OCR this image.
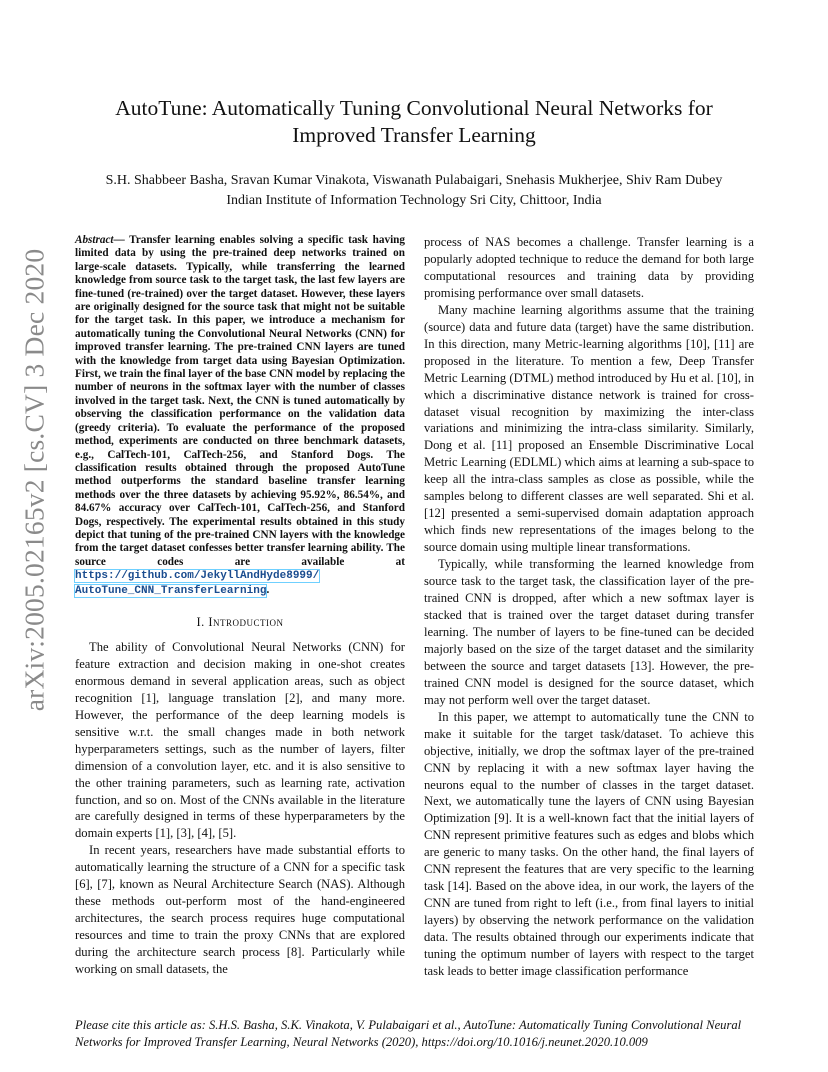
arXiv:2005.02165v2 [cs.CV] 3 Dec 2020
AutoTune: Automatically Tuning Convolutional Neural Networks for
Improved Transfer Learning
S.H. Shabbeer Basha, Sravan Kumar Vinakota, Viswanath Pulabaigari, Snehasis Mukherjee, Shiv Ram Dubey
Indian Institute of Information Technology Sri City, Chittoor, India

Abstract— Transfer learning enables solving a specific task having limited data by using the pre-trained deep networks trained on large-scale datasets. Typically, while transferring the learned knowledge from source task to the target task, the last few layers are fine-tuned (re-trained) over the target dataset. However, these layers are originally designed for the source task that might not be suitable for the target task. In this paper, we introduce a mechanism for automatically tuning the Convolutional Neural Networks (CNN) for improved transfer learning. The pre-trained CNN layers are tuned with the knowledge from target data using Bayesian Optimization. First, we train the final layer of the base CNN model by replacing the number of neurons in the softmax layer with the number of classes involved in the target task. Next, the CNN is tuned automatically by observing the classification performance on the validation data (greedy criteria). To evaluate the performance of the proposed method, experiments are conducted on three benchmark datasets, e.g., CalTech-101, CalTech-256, and Stanford Dogs. The classification results obtained through the proposed AutoTune method outperforms the standard baseline transfer learning methods over the three datasets by achieving 95.92%, 86.54%, and 84.67% accuracy over CalTech-101, CalTech-256, and Stanford Dogs, respectively. The experimental results obtained in this study depict that tuning of the pre-trained CNN layers with the knowledge from the target dataset confesses better transfer learning ability. The source codes are available at https://github.com/JekyllAndHyde8999/ AutoTune_CNN_TransferLearning.

I. Introduction

The ability of Convolutional Neural Networks (CNN) for feature extraction and decision making in one-shot creates enormous demand in several application areas, such as object recognition [1], language translation [2], and many more. However, the performance of the deep learning models is sensitive w.r.t. the small changes made in both network hyperparameters settings, such as the number of layers, filter dimension of a convolution layer, etc. and it is also sensitive to the other training parameters, such as learning rate, activation function, and so on. Most of the CNNs available in the literature are carefully designed in terms of these hyperparameters by the domain experts [1], [3], [4], [5].

In recent years, researchers have made substantial efforts to automatically learning the structure of a CNN for a specific task [6], [7], known as Neural Architecture Search (NAS). Although these methods out-perform most of the hand-engineered architectures, the search process requires huge computational resources and time to train the proxy CNNs that are explored during the architecture search process [8]. Particularly while working on small datasets, the

process of NAS becomes a challenge. Transfer learning is a popularly adopted technique to reduce the demand for both large computational resources and training data by providing promising performance over small datasets.

Many machine learning algorithms assume that the training (source) data and future data (target) have the same distribution. In this direction, many Metric-learning algorithms [10], [11] are proposed in the literature. To mention a few, Deep Transfer Metric Learning (DTML) method introduced by Hu et al. [10], in which a discriminative distance network is trained for cross-dataset visual recognition by maximizing the inter-class variations and minimizing the intra-class similarity. Similarly, Dong et al. [11] proposed an Ensemble Discriminative Local Metric Learning (EDLML) which aims at learning a sub-space to keep all the intra-class samples as close as possible, while the samples belong to different classes are well separated. Shi et al. [12] presented a semi-supervised domain adaptation approach which finds new representations of the images belong to the source domain using multiple linear transformations.

Typically, while transforming the learned knowledge from source task to the target task, the classification layer of the pre-trained CNN is dropped, after which a new softmax layer is stacked that is trained over the target dataset during transfer learning. The number of layers to be fine-tuned can be decided majorly based on the size of the target dataset and the similarity between the source and target datasets [13]. However, the pre-trained CNN model is designed for the source dataset, which may not perform well over the target dataset.

In this paper, we attempt to automatically tune the CNN to make it suitable for the target task/dataset. To achieve this objective, initially, we drop the softmax layer of the pre-trained CNN by replacing it with a new softmax layer having the neurons equal to the number of classes in the target dataset. Next, we automatically tune the layers of CNN using Bayesian Optimization [9]. It is a well-known fact that the initial layers of CNN represent primitive features such as edges and blobs which are generic to many tasks. On the other hand, the final layers of CNN represent the features that are very specific to the learning task [14]. Based on the above idea, in our work, the layers of the CNN are tuned from right to left (i.e., from final layers to initial layers) by observing the network performance on the validation data. The results obtained through our experiments indicate that tuning the optimum number of layers with respect to the target task leads to better image classification performance

Please cite this article as: S.H.S. Basha, S.K. Vinakota, V. Pulabaigari et al., AutoTune: Automatically Tuning Convolutional Neural Networks for Improved Transfer Learning, Neural Networks (2020), https://doi.org/10.1016/j.neunet.2020.10.009
